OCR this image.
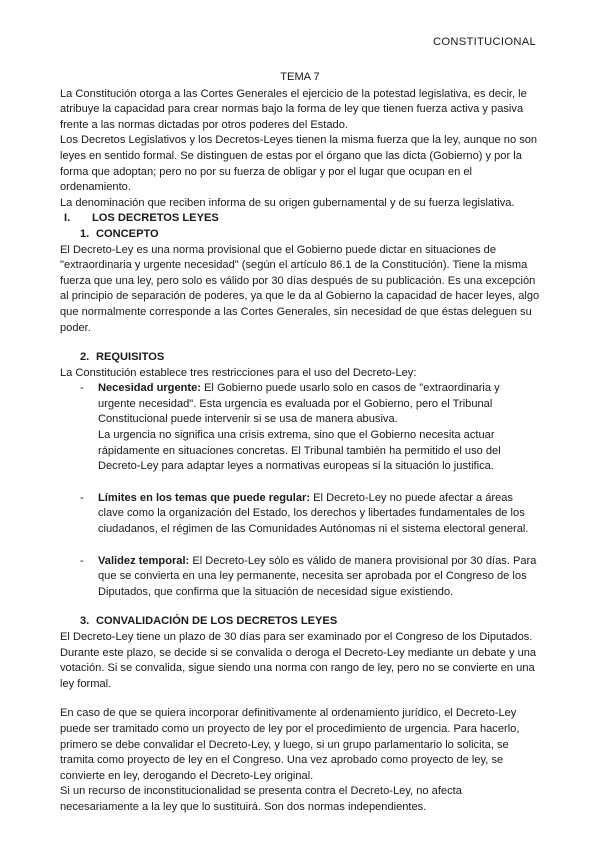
CONSTITUCIONAL

TEMA 7

La Constitución otorga a las Cortes Generales el ejercicio de la potestad legislativa, es decir, le atribuye la capacidad para crear normas bajo la forma de ley que tienen fuerza activa y pasiva frente a las normas dictadas por otros poderes del Estado.

Los Decretos Legislativos y los Decretos-Leyes tienen la misma fuerza que la ley, aunque no son leyes en sentido formal. Se distinguen de estas por el órgano que las dicta (Gobierno) y por la forma que adoptan; pero no por su fuerza de obligar y por el lugar que ocupan en el ordenamiento.

La denominación que reciben informa de su origen gubernamental y de su fuerza legislativa.

I. LOS DECRETOS LEYES

1. CONCEPTO

El Decreto-Ley es una norma provisional que el Gobierno puede dictar en situaciones de "extraordinaria y urgente necesidad" (según el artículo 86.1 de la Constitución). Tiene la misma fuerza que una ley, pero solo es válido por 30 días después de su publicación. Es una excepción al principio de separación de poderes, ya que le da al Gobierno la capacidad de hacer leyes, algo que normalmente corresponde a las Cortes Generales, sin necesidad de que éstas deleguen su poder.

2. REQUISITOS

La Constitución establece tres restricciones para el uso del Decreto-Ley:

- Necesidad urgente: El Gobierno puede usarlo solo en casos de "extraordinaria y urgente necesidad". Esta urgencia es evaluada por el Gobierno, pero el Tribunal Constitucional puede intervenir si se usa de manera abusiva.
La urgencia no significa una crisis extrema, sino que el Gobierno necesita actuar rápidamente en situaciones concretas. El Tribunal también ha permitido el uso del Decreto-Ley para adaptar leyes a normativas europeas si la situación lo justifica.
- Límites en los temas que puede regular: El Decreto-Ley no puede afectar a áreas clave como la organización del Estado, los derechos y libertades fundamentales de los ciudadanos, el régimen de las Comunidades Autónomas ni el sistema electoral general.
- Validez temporal: El Decreto-Ley sólo es válido de manera provisional por 30 días. Para que se convierta en una ley permanente, necesita ser aprobada por el Congreso de los Diputados, que confirma que la situación de necesidad sigue existiendo.

3. CONVALIDACIÓN DE LOS DECRETOS LEYES

El Decreto-Ley tiene un plazo de 30 días para ser examinado por el Congreso de los Diputados. Durante este plazo, se decide si se convalida o deroga el Decreto-Ley mediante un debate y una votación. Si se convalida, sigue siendo una norma con rango de ley, pero no se convierte en una ley formal.

En caso de que se quiera incorporar definitivamente al ordenamiento jurídico, el Decreto-Ley puede ser tramitado como un proyecto de ley por el procedimiento de urgencia. Para hacerlo, primero se debe convalidar el Decreto-Ley, y luego, si un grupo parlamentario lo solicita, se tramita como proyecto de ley en el Congreso. Una vez aprobado como proyecto de ley, se convierte en ley, derogando el Decreto-Ley original.

Si un recurso de inconstitucionalidad se presenta contra el Decreto-Ley, no afecta necesariamente a la ley que lo sustituirá. Son dos normas independientes.
